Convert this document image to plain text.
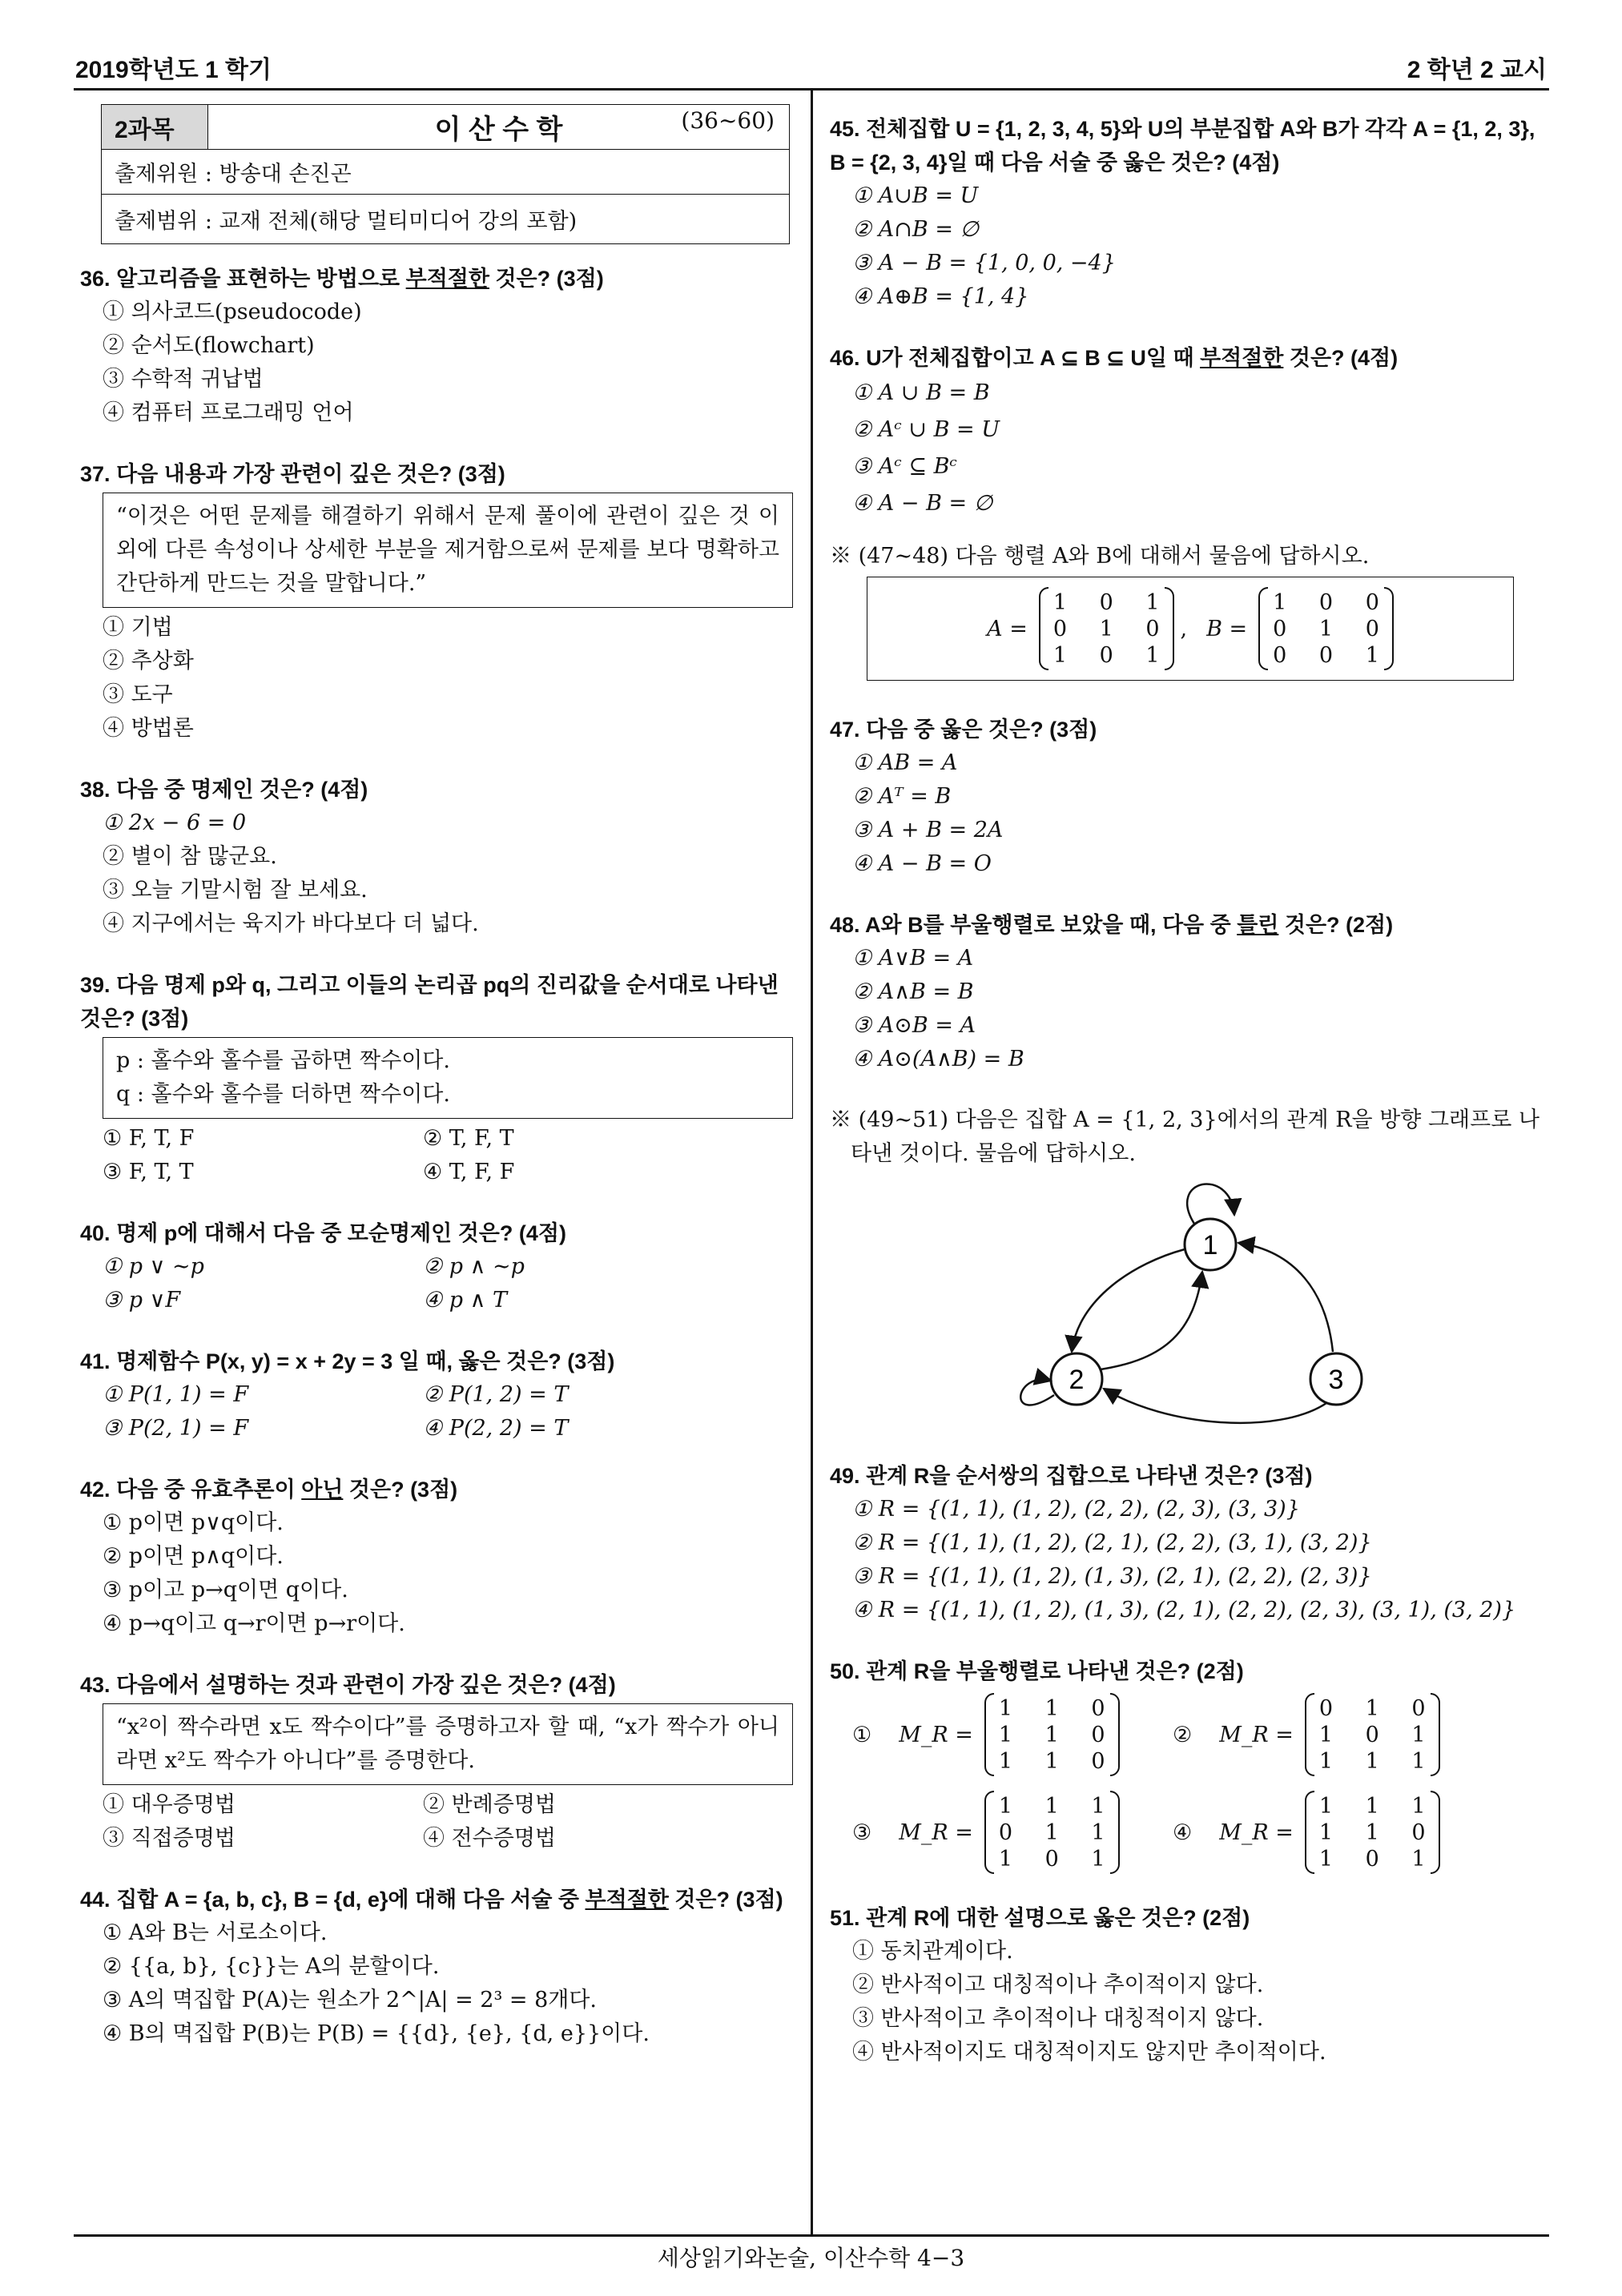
2019학년도 1 학기	2 학년 2 교시
2과목	이 산 수 학	(36~60)

출제위원 : 방송대 손진곤
출제범위 : 교재 전체(해당 멀티미디어 강의 포함)
36. 알고리즘을 표현하는 방법으로 부적절한 것은? (3점)
① 의사코드(pseudocode)
② 순서도(flowchart)
③ 수학적 귀납법
④ 컴퓨터 프로그래밍 언어
37. 다음 내용과 가장 관련이 깊은 것은? (3점)
“이것은 어떤 문제를 해결하기 위해서 문제 풀이에 관련이 깊은 것 이외에 다른 속성이나 상세한 부분을 제거함으로써 문제를 보다 명확하고 간단하게 만드는 것을 말합니다.”
① 기법
② 추상화
③ 도구
④ 방법론
38. 다음 중 명제인 것은? (4점)
① 2x − 6 = 0
② 별이 참 많군요.
③ 오늘 기말시험 잘 보세요.
④ 지구에서는 육지가 바다보다 더 넓다.
39. 다음 명제 p와 q, 그리고 이들의 논리곱 pq의 진리값을 순서대로 나타낸 것은? (3점)
p : 홀수와 홀수를 곱하면 짝수이다.
q : 홀수와 홀수를 더하면 짝수이다.
① F, T, F	② T, F, T
③ F, T, T	④ T, F, F
40. 명제 p에 대해서 다음 중 모순명제인 것은? (4점)
① p ∨ ∼p	② p ∧ ∼p
③ p ∨F	④ p ∧ T
41. 명제함수 P(x, y) = x + 2y = 3 일 때, 옳은 것은? (3점)
① P(1, 1) = F	② P(1, 2) = T
③ P(2, 1) = F	④ P(2, 2) = T
42. 다음 중 유효추론이 아닌 것은? (3점)
① p이면 p∨q이다.
② p이면 p∧q이다.
③ p이고 p→q이면 q이다.
④ p→q이고 q→r이면 p→r이다.
43. 다음에서 설명하는 것과 관련이 가장 깊은 것은? (4점)
“x²이 짝수라면 x도 짝수이다”를 증명하고자 할 때, “x가 짝수가 아니라면 x²도 짝수가 아니다”를 증명한다.
① 대우증명법	② 반례증명법
③ 직접증명법	④ 전수증명법
44. 집합 A = {a, b, c}, B = {d, e}에 대해 다음 서술 중 부적절한 것은? (3점)
① A와 B는 서로소이다.
② {{a, b}, {c}}는 A의 분할이다.
③ A의 멱집합 P(A)는 원소가 2^|A| = 2³ = 8개다.
④ B의 멱집합 P(B)는 P(B) = {{d}, {e}, {d, e}}이다.
45. 전체집합 U = {1, 2, 3, 4, 5}와 U의 부분집합 A와 B가 각각 A = {1, 2, 3}, B = {2, 3, 4}일 때 다음 서술 중 옳은 것은? (4점)
① A∪B = U
② A∩B = ∅
③ A − B = {1, 0, 0, −4}
④ A⊕B = {1, 4}
46. U가 전체집합이고 A ⊆ B ⊆ U일 때 부적절한 것은? (4점)
① A ∪ B = B
② Aᶜ ∪ B = U
③ Aᶜ ⊆ Bᶜ
④ A − B = ∅
※ (47∼48) 다음 행렬 A와 B에 대해서 물음에 답하시오.
A =
1 0 1
0 1 0
1 0 1
, B =
1 0 0
0 1 0
0 0 1
47. 다음 중 옳은 것은? (3점)
① AB = A
② Aᵀ = B
③ A + B = 2A
④ A − B = O
48. A와 B를 부울행렬로 보았을 때, 다음 중 틀린 것은? (2점)
① A∨B = A
② A∧B = B
③ A⊙B = A
④ A⊙(A∧B) = B
※ (49∼51) 다음은 집합 A = {1, 2, 3}에서의 관계 R을 방향 그래프로 나타낸 것이다. 물음에 답하시오.
1
2	3
49. 관계 R을 순서쌍의 집합으로 나타낸 것은? (3점)
① R = {(1, 1), (1, 2), (2, 2), (2, 3), (3, 3)}
② R = {(1, 1), (1, 2), (2, 1), (2, 2), (3, 1), (3, 2)}
③ R = {(1, 1), (1, 2), (1, 3), (2, 1), (2, 2), (2, 3)}
④ R = {(1, 1), (1, 2), (1, 3), (2, 1), (2, 2), (2, 3), (3, 1), (3, 2)}
50. 관계 R을 부울행렬로 나타낸 것은? (2점)
① M_R =
1 1 0
1 1 0
1 1 0
② M_R =
0 1 0
1 0 1
1 1 1
③ M_R =
1 1 1
0 1 1
1 0 1
④ M_R =
1 1 1
1 1 0
1 0 1
51. 관계 R에 대한 설명으로 옳은 것은? (2점)
① 동치관계이다.
② 반사적이고 대칭적이나 추이적이지 않다.
③ 반사적이고 추이적이나 대칭적이지 않다.
④ 반사적이지도 대칭적이지도 않지만 추이적이다.
세상읽기와논술, 이산수학 4−3
